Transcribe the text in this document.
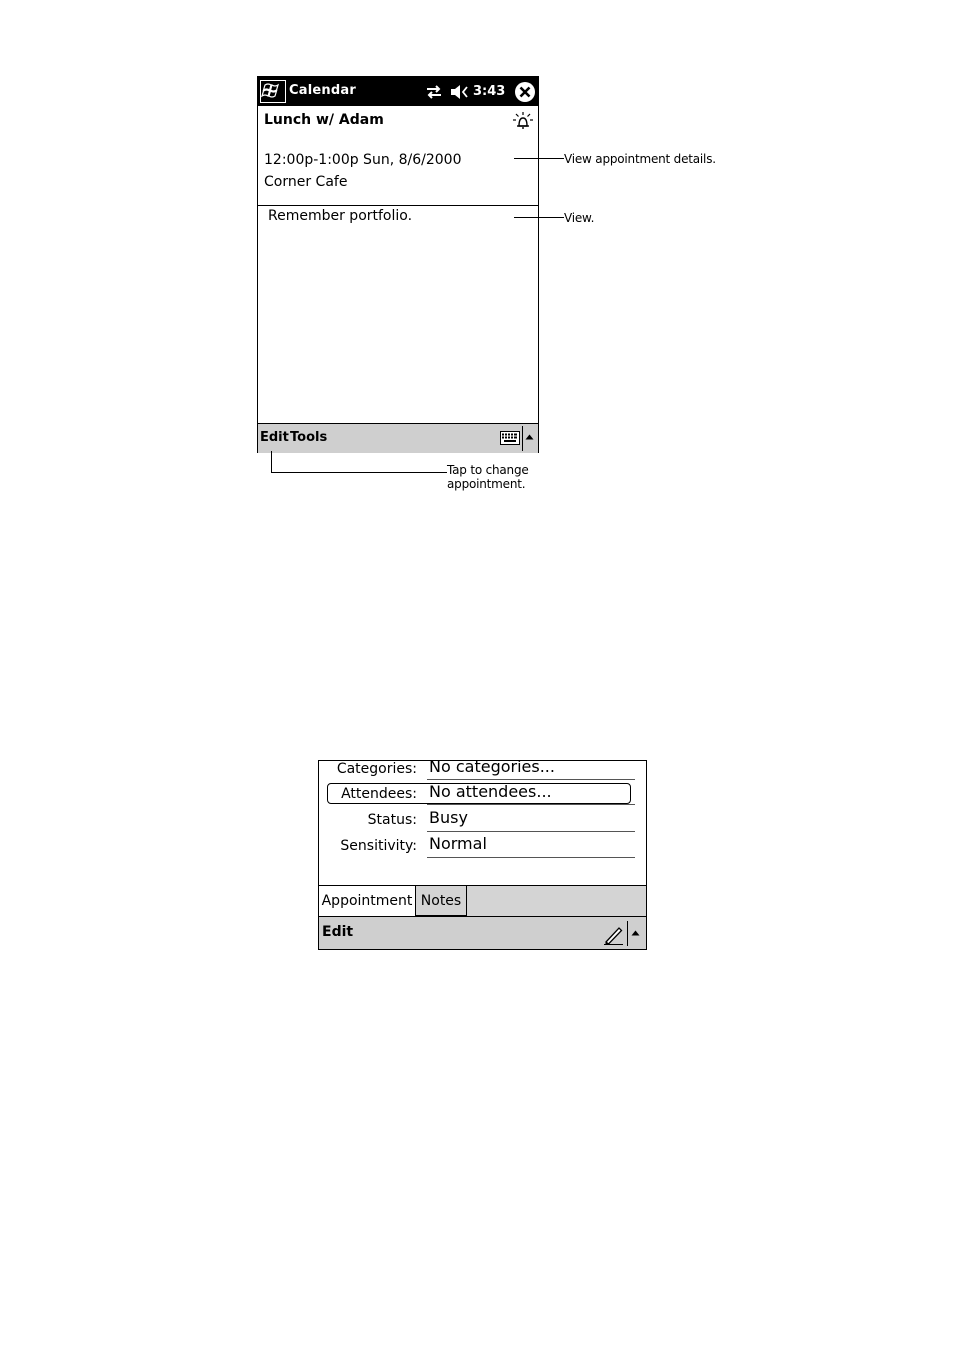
Calendar	3:43
Lunch w/ Adam
12:00p-1:00p Sun, 8/6/2000
Corner Cafe
Remember portfolio.
Edit Tools
View appointment details.
View.
Tap to change
appointment.
Categories: No categories...
Attendees: No attendees...
Status: Busy
Sensitivity: Normal
Appointment Notes
Edit
